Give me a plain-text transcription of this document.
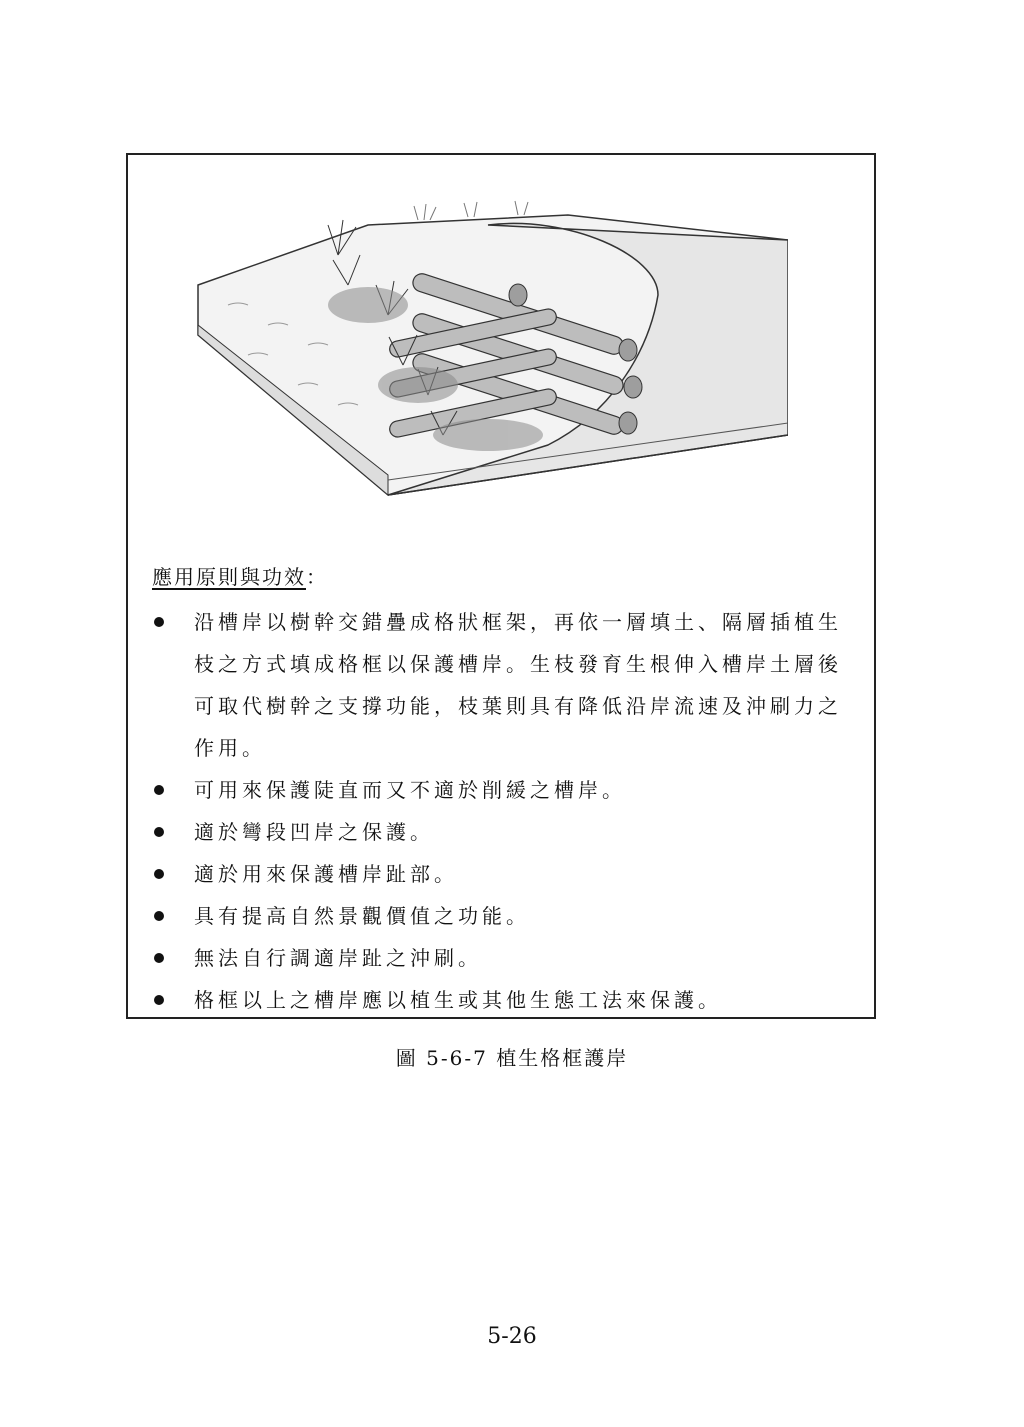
應用原則與功效：
沿槽岸以樹幹交錯疊成格狀框架，再依一層填土、隔層插植生枝之方式填成格框以保護槽岸。生枝發育生根伸入槽岸土層後可取代樹幹之支撐功能，枝葉則具有降低沿岸流速及沖刷力之作用。
可用來保護陡直而又不適於削緩之槽岸。
適於彎段凹岸之保護。
適於用來保護槽岸趾部。
具有提高自然景觀價值之功能。
無法自行調適岸趾之沖刷。
格框以上之槽岸應以植生或其他生態工法來保護。
圖 5-6-7 植生格框護岸
5-26
